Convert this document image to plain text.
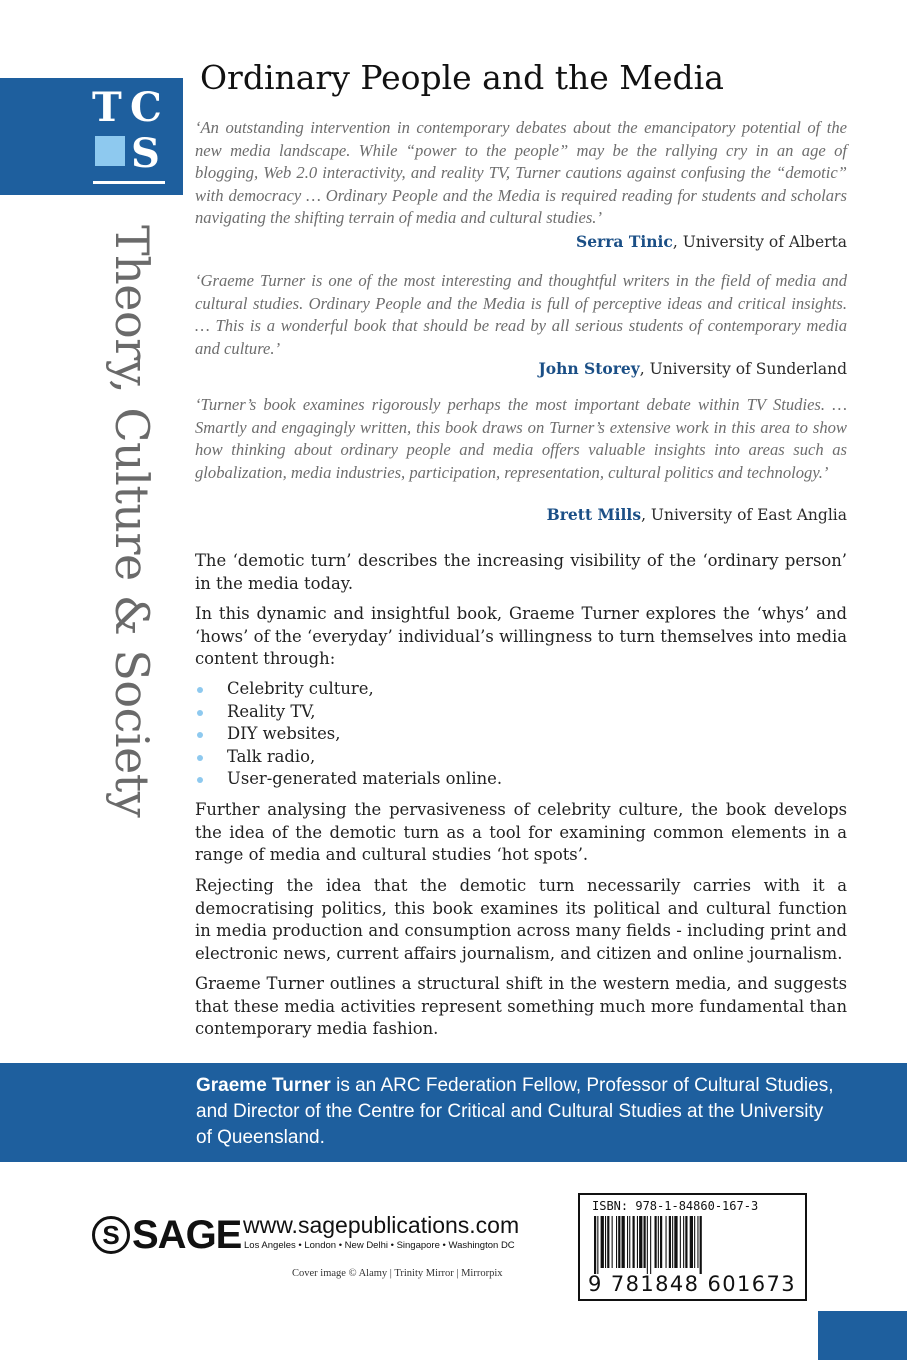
T C
S
Theory, Culture & Society
Ordinary People and the Media

‘An outstanding intervention in contemporary debates about the emancipatory potential of the new media landscape. While “power to the people” may be the rallying cry in an age of blogging, Web 2.0 interactivity, and reality TV, Turner cautions against confusing the “demotic” with democracy … Ordinary People and the Media is required reading for students and scholars navigating the shifting terrain of media and cultural studies.’

Serra Tinic, University of Alberta

‘Graeme Turner is one of the most interesting and thoughtful writers in the field of media and cultural studies. Ordinary People and the Media is full of perceptive ideas and critical insights. … This is a wonderful book that should be read by all serious students of contemporary media and culture.’

John Storey, University of Sunderland

‘Turner’s book examines rigorously perhaps the most important debate within TV Studies. … Smartly and engagingly written, this book draws on Turner’s extensive work in this area to show how thinking about ordinary people and media offers valuable insights into areas such as globalization, media industries, participation, representation, cultural politics and technology.’

Brett Mills, University of East Anglia

The ‘demotic turn’ describes the increasing visibility of the ‘ordinary person’ in the media today.

In this dynamic and insightful book, Graeme Turner explores the ‘whys’ and ‘hows’ of the ‘everyday’ individual’s willingness to turn themselves into media content through:

Celebrity culture,
Reality TV,
DIY websites,
Talk radio,
User-generated materials online.

Further analysing the pervasiveness of celebrity culture, the book develops the idea of the demotic turn as a tool for examining common elements in a range of media and cultural studies ‘hot spots’.

Rejecting the idea that the demotic turn necessarily carries with it a democratising politics, this book examines its political and cultural function in media production and consumption across many fields - including print and electronic news, current affairs journalism, and citizen and online journalism.

Graeme Turner outlines a structural shift in the western media, and suggests that these media activities represent something much more fundamental than contemporary media fashion.

Graeme Turner is an ARC Federation Fellow, Professor of Cultural Studies, and Director of the Centre for Critical and Cultural Studies at the University of Queensland.

S SAGE www.sagepublications.com
Los Angeles • London • New Delhi • Singapore • Washington DC
Cover image © Alamy | Trinity Mirror | Mirrorpix
ISBN: 978-1-84860-167-3
9 781848 601673
